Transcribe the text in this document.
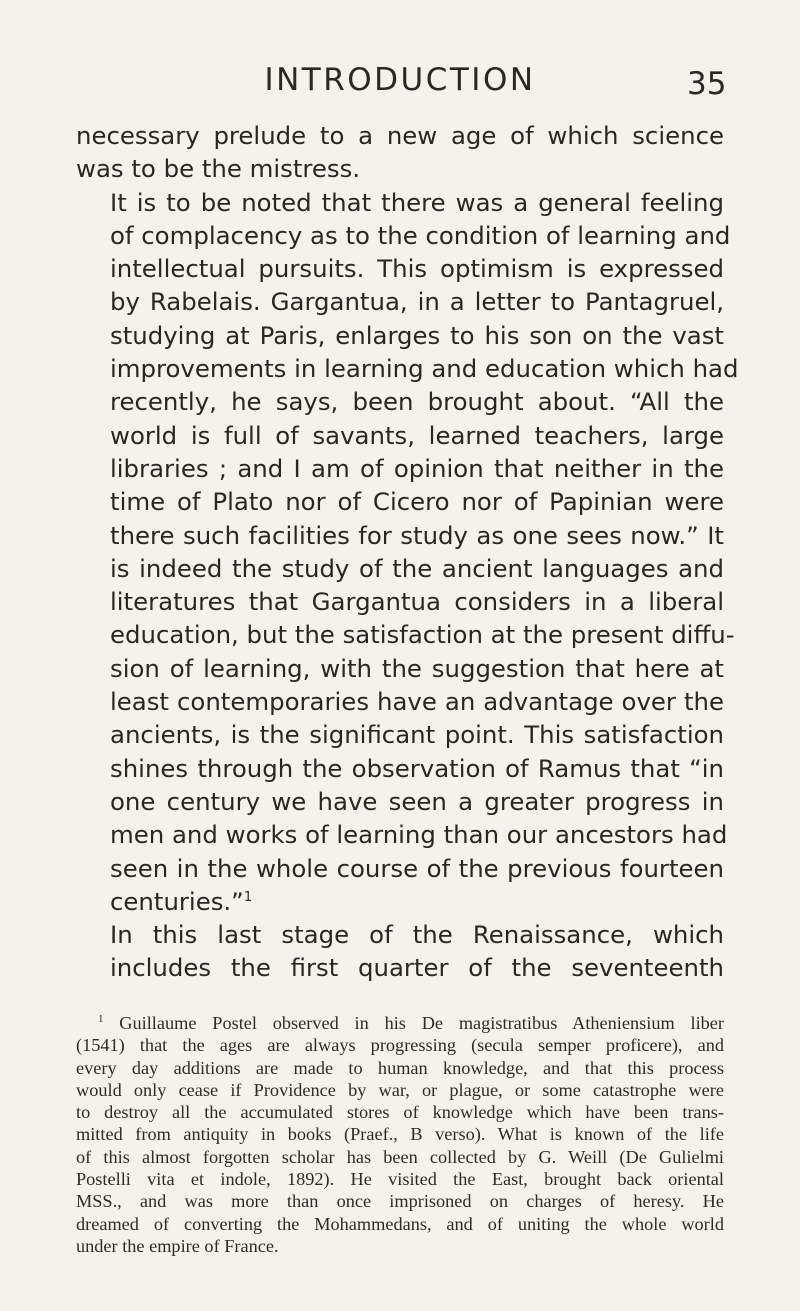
INTRODUCTION	35

necessary prelude to a new age of which science
was to be the mistress.

It is to be noted that there was a general feeling
of complacency as to the condition of learning and
intellectual pursuits. This optimism is expressed
by Rabelais. Gargantua, in a letter to Pantagruel,
studying at Paris, enlarges to his son on the vast
improvements in learning and education which had
recently, he says, been brought about. “All the
world is full of savants, learned teachers, large
libraries ; and I am of opinion that neither in the
time of Plato nor of Cicero nor of Papinian were
there such facilities for study as one sees now.” It
is indeed the study of the ancient languages and
literatures that Gargantua considers in a liberal
education, but the satisfaction at the present diffu-
sion of learning, with the suggestion that here at
least contemporaries have an advantage over the
ancients, is the significant point. This satisfaction
shines through the observation of Ramus that “in
one century we have seen a greater progress in
men and works of learning than our ancestors had
seen in the whole course of the previous fourteen
centuries.”$^1$

In this last stage of the Renaissance, which
includes the first quarter of the seventeenth

$^1$ Guillaume Postel observed in his De magistratibus Atheniensium liber
(1541) that the ages are always progressing (secula semper proficere), and
every day additions are made to human knowledge, and that this process
would only cease if Providence by war, or plague, or some catastrophe were
to destroy all the accumulated stores of knowledge which have been trans-
mitted from antiquity in books (Praef., B verso). What is known of the life
of this almost forgotten scholar has been collected by G. Weill (De Gulielmi
Postelli vita et indole, 1892). He visited the East, brought back oriental
MSS., and was more than once imprisoned on charges of heresy. He
dreamed of converting the Mohammedans, and of uniting the whole world
under the empire of France.
